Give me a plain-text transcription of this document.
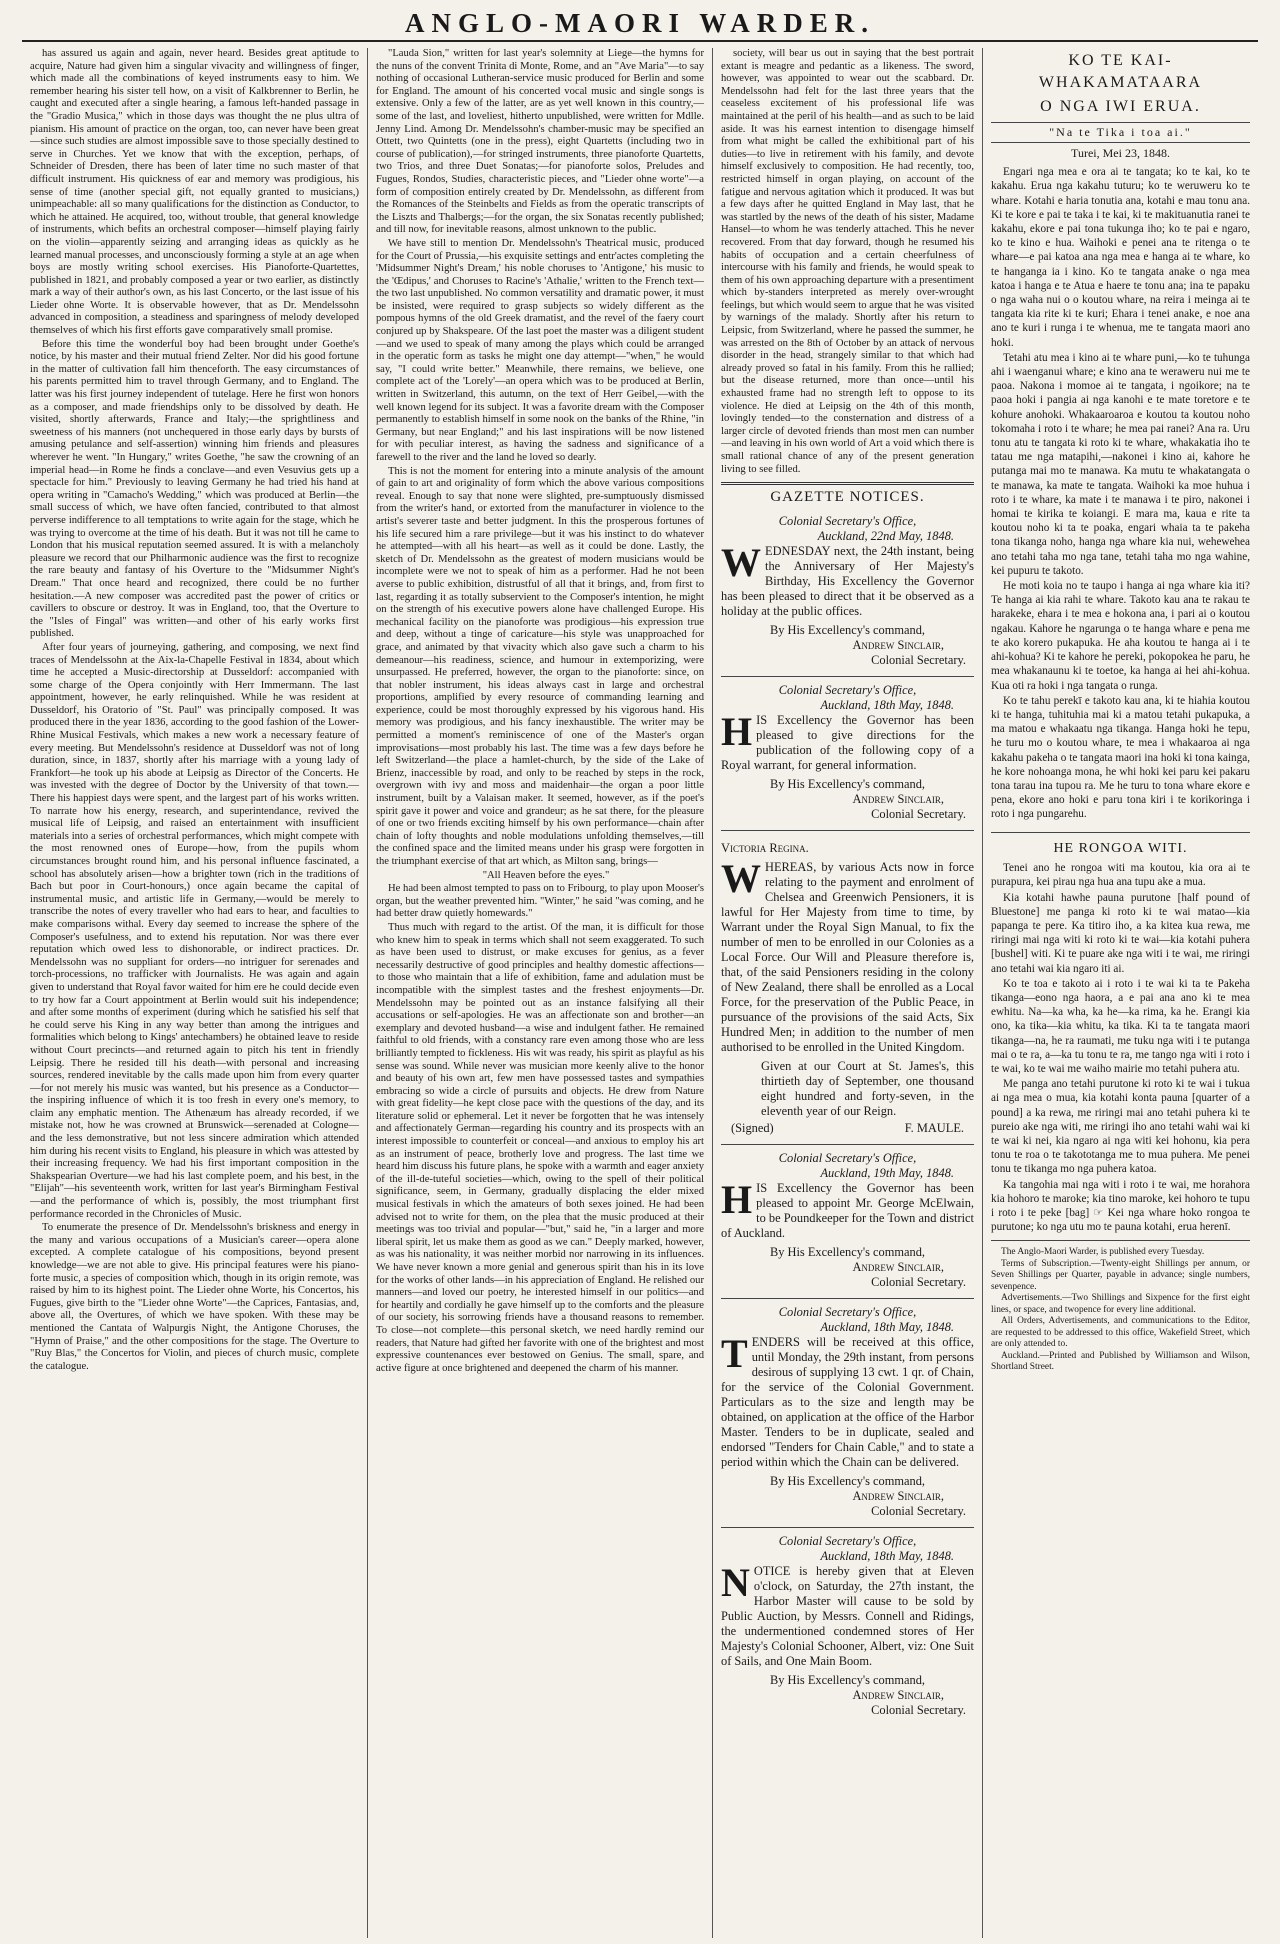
ANGLO-MAORI WARDER.

has assured us again and again, never heard. Besides great aptitude to acquire, Nature had given him a singular vivacity and willingness of finger, which made all the combinations of keyed instruments easy to him. We remember hearing his sister tell how, on a visit of Kalkbrenner to Berlin, he caught and executed after a single hearing, a famous left-handed passage in the "Gradio Musica," which in those days was thought the ne plus ultra of pianism. His amount of practice on the organ, too, can never have been great—since such studies are almost impossible save to those specially destined to serve in Churches. Yet we know that with the exception, perhaps, of Schneider of Dresden, there has been of later time no such master of that difficult instrument. His quickness of ear and memory was prodigious, his sense of time (another special gift, not equally granted to musicians,) unimpeachable: all so many qualifications for the distinction as Conductor, to which he attained. He acquired, too, without trouble, that general knowledge of instruments, which befits an orchestral composer—himself playing fairly on the violin—apparently seizing and arranging ideas as quickly as he learned manual processes, and unconsciously forming a style at an age when boys are mostly writing school exercises. His Pianoforte-Quartettes, published in 1821, and probably composed a year or two earlier, as distinctly mark a way of their author's own, as his last Concerto, or the last issue of his Lieder ohne Worte. It is observable however, that as Dr. Mendelssohn advanced in composition, a steadiness and sparingness of melody developed themselves of which his first efforts gave comparatively small promise.

Before this time the wonderful boy had been brought under Goethe's notice, by his master and their mutual friend Zelter. Nor did his good fortune in the matter of cultivation fall him thenceforth. The easy circumstances of his parents permitted him to travel through Germany, and to England. The latter was his first journey independent of tutelage. Here he first won honors as a composer, and made friendships only to be dissolved by death. He visited, shortly afterwards, France and Italy;—the sprightliness and sweetness of his manners (not unchequered in those early days by bursts of amusing petulance and self-assertion) winning him friends and pleasures wherever he went. "In Hungary," writes Goethe, "he saw the crowning of an imperial head—in Rome he finds a conclave—and even Vesuvius gets up a spectacle for him." Previously to leaving Germany he had tried his hand at opera writing in "Camacho's Wedding," which was produced at Berlin—the small success of which, we have often fancied, contributed to that almost perverse indifference to all temptations to write again for the stage, which he was trying to overcome at the time of his death. But it was not till he came to London that his musical reputation seemed assured. It is with a melancholy pleasure we record that our Philharmonic audience was the first to recognize the rare beauty and fantasy of his Overture to the "Midsummer Night's Dream." That once heard and recognized, there could be no further hesitation.—A new composer was accredited past the power of critics or cavillers to obscure or destroy. It was in England, too, that the Overture to the "Isles of Fingal" was written—and other of his early works first published.

After four years of journeying, gathering, and composing, we next find traces of Mendelssohn at the Aix-la-Chapelle Festival in 1834, about which time he accepted a Music-directorship at Dusseldorf: accompanied with some charge of the Opera conjointly with Herr Immermann. The last appointment, however, he early relinquished. While he was resident at Dusseldorf, his Oratorio of "St. Paul" was principally composed. It was produced there in the year 1836, according to the good fashion of the Lower-Rhine Musical Festivals, which makes a new work a necessary feature of every meeting. But Mendelssohn's residence at Dusseldorf was not of long duration, since, in 1837, shortly after his marriage with a young lady of Frankfort—he took up his abode at Leipsig as Director of the Concerts. He was invested with the degree of Doctor by the University of that town.—There his happiest days were spent, and the largest part of his works written. To narrate how his energy, research, and superintendance, revived the musical life of Leipsig, and raised an entertainment with insufficient materials into a series of orchestral performances, which might compete with the most renowned ones of Europe—how, from the pupils whom circumstances brought round him, and his personal influence fascinated, a school has absolutely arisen—how a brighter town (rich in the traditions of Bach but poor in Court-honours,) once again became the capital of instrumental music, and artistic life in Germany,—would be merely to transcribe the notes of every traveller who had ears to hear, and faculties to make comparisons withal. Every day seemed to increase the sphere of the Composer's usefulness, and to extend his reputation. Nor was there ever reputation which owed less to dishonorable, or indirect practices. Dr. Mendelssohn was no suppliant for orders—no intriguer for serenades and torch-processions, no trafficker with Journalists. He was again and again given to understand that Royal favor waited for him ere he could decide even to try how far a Court appointment at Berlin would suit his independence; and after some months of experiment (during which he satisfied his self that he could serve his King in any way better than among the intrigues and formalities which belong to Kings' antechambers) he obtained leave to reside without Court precincts—and returned again to pitch his tent in friendly Leipsig. There he resided till his death—with personal and increasing sources, rendered inevitable by the calls made upon him from every quarter—for not merely his music was wanted, but his presence as a Conductor—the inspiring influence of which it is too fresh in every one's memory, to claim any emphatic mention. The Athenæum has already recorded, if we mistake not, how he was crowned at Brunswick—serenaded at Cologne—and the less demonstrative, but not less sincere admiration which attended him during his recent visits to England, his pleasure in which was attested by their increasing frequency. We had his first important composition in the Shakspearian Overture—we had his last complete poem, and his best, in the "Elijah"—his seventeenth work, written for last year's Birmingham Festival—and the performance of which is, possibly, the most triumphant first performance recorded in the Chronicles of Music.

To enumerate the presence of Dr. Mendelssohn's briskness and energy in the many and various occupations of a Musician's career—opera alone excepted. A complete catalogue of his compositions, beyond present knowledge—we are not able to give. His principal features were his piano-forte music, a species of composition which, though in its origin remote, was raised by him to its highest point. The Lieder ohne Worte, his Concertos, his Fugues, give birth to the "Lieder ohne Worte"—the Caprices, Fantasias, and, above all, the Overtures, of which we have spoken. With these may be mentioned the Cantata of Walpurgis Night, the Antigone Choruses, the "Hymn of Praise," and the other compositions for the stage. The Overture to "Ruy Blas," the Concertos for Violin, and pieces of church music, complete the catalogue.

"Lauda Sion," written for last year's solemnity at Liege—the hymns for the nuns of the convent Trinita di Monte, Rome, and an "Ave Maria"—to say nothing of occasional Lutheran-service music produced for Berlin and some for England. The amount of his concerted vocal music and single songs is extensive. Only a few of the latter, are as yet well known in this country,—some of the last, and loveliest, hitherto unpublished, were written for Mdlle. Jenny Lind. Among Dr. Mendelssohn's chamber-music may be specified an Ottett, two Quintetts (one in the press), eight Quartetts (including two in course of publication),—for stringed instruments, three pianoforte Quartetts, two Trios, and three Duet Sonatas;—for pianoforte solos, Preludes and Fugues, Rondos, Studies, characteristic pieces, and "Lieder ohne worte"—a form of composition entirely created by Dr. Mendelssohn, as different from the Romances of the Steinbelts and Fields as from the operatic transcripts of the Liszts and Thalbergs;—for the organ, the six Sonatas recently published; and till now, for inevitable reasons, almost unknown to the public.

We have still to mention Dr. Mendelssohn's Theatrical music, produced for the Court of Prussia,—his exquisite settings and entr'actes completing the 'Midsummer Night's Dream,' his noble choruses to 'Antigone,' his music to the 'Œdipus,' and Choruses to Racine's 'Athalie,' written to the French text—the two last unpublished. No common versatility and dramatic power, it must be insisted, were required to grasp subjects so widely different as the pompous hymns of the old Greek dramatist, and the revel of the faery court conjured up by Shakspeare. Of the last poet the master was a diligent student—and we used to speak of many among the plays which could be arranged in the operatic form as tasks he might one day attempt—"when," he would say, "I could write better." Meanwhile, there remains, we believe, one complete act of the 'Lorely'—an opera which was to be produced at Berlin, written in Switzerland, this autumn, on the text of Herr Geibel,—with the well known legend for its subject. It was a favorite dream with the Composer permanently to establish himself in some nook on the banks of the Rhine, "in Germany, but near England;" and his last inspirations will be now listened for with peculiar interest, as having the sadness and significance of a farewell to the river and the land he loved so dearly.

This is not the moment for entering into a minute analysis of the amount of gain to art and originality of form which the above various compositions reveal. Enough to say that none were slighted, pre-sumptuously dismissed from the writer's hand, or extorted from the manufacturer in violence to the artist's severer taste and better judgment. In this the prosperous fortunes of his life secured him a rare privilege—but it was his instinct to do whatever he attempted—with all his heart—as well as it could be done. Lastly, the sketch of Dr. Mendelssohn as the greatest of modern musicians would be incomplete were we not to speak of him as a performer. Had he not been averse to public exhibition, distrustful of all that it brings, and, from first to last, regarding it as totally subservient to the Composer's intention, he might on the strength of his executive powers alone have challenged Europe. His mechanical facility on the pianoforte was prodigious—his expression true and deep, without a tinge of caricature—his style was unapproached for grace, and animated by that vivacity which also gave such a charm to his demeanour—his readiness, science, and humour in extemporizing, were unsurpassed. He preferred, however, the organ to the pianoforte: since, on that nobler instrument, his ideas always cast in large and orchestral proportions, amplified by every resource of commanding learning and experience, could be most thoroughly expressed by his vigorous hand. His memory was prodigious, and his fancy inexhaustible. The writer may be permitted a moment's reminiscence of one of the Master's organ improvisations—most probably his last. The time was a few days before he left Switzerland—the place a hamlet-church, by the side of the Lake of Brienz, inaccessible by road, and only to be reached by steps in the rock, overgrown with ivy and moss and maidenhair—the organ a poor little instrument, built by a Valaisan maker. It seemed, however, as if the poet's spirit gave it power and voice and grandeur; as he sat there, for the pleasure of one or two friends exciting himself by his own performance—chain after chain of lofty thoughts and noble modulations unfolding themselves,—till the confined space and the limited means under his grasp were forgotten in the triumphant exercise of that art which, as Milton sang, brings—

"All Heaven before the eyes."

He had been almost tempted to pass on to Fribourg, to play upon Mooser's organ, but the weather prevented him. "Winter," he said "was coming, and he had better draw quietly homewards."

Thus much with regard to the artist. Of the man, it is difficult for those who knew him to speak in terms which shall not seem exaggerated. To such as have been used to distrust, or make excuses for genius, as a fever necessarily destructive of good principles and healthy domestic affections—to those who maintain that a life of exhibition, fame and adulation must be incompatible with the simplest tastes and the freshest enjoyments—Dr. Mendelssohn may be pointed out as an instance falsifying all their accusations or self-apologies. He was an affectionate son and brother—an exemplary and devoted husband—a wise and indulgent father. He remained faithful to old friends, with a constancy rare even among those who are less brilliantly tempted to fickleness. His wit was ready, his spirit as playful as his sense was sound. While never was musician more keenly alive to the honor and beauty of his own art, few men have possessed tastes and sympathies embracing so wide a circle of pursuits and objects. He drew from Nature with great fidelity—he kept close pace with the questions of the day, and its literature solid or ephemeral. Let it never be forgotten that he was intensely and affectionately German—regarding his country and its prospects with an interest impossible to counterfeit or conceal—and anxious to employ his art as an instrument of peace, brotherly love and progress. The last time we heard him discuss his future plans, he spoke with a warmth and eager anxiety of the ill-de-tuteful societies—which, owing to the spell of their political significance, seem, in Germany, gradually displacing the elder mixed musical festivals in which the amateurs of both sexes joined. He had been advised not to write for them, on the plea that the music produced at their meetings was too trivial and popular—"but," said he, "in a larger and more liberal spirit, let us make them as good as we can." Deeply marked, however, as was his nationality, it was neither morbid nor narrowing in its influences. We have never known a more genial and generous spirit than his in its love for the works of other lands—in his appreciation of England. He relished our manners—and loved our poetry, he interested himself in our politics—and for heartily and cordially he gave himself up to the comforts and the pleasure of our society, his sorrowing friends have a thousand reasons to remember. To close—not complete—this personal sketch, we need hardly remind our readers, that Nature had gifted her favorite with one of the brightest and most expressive countenances ever bestowed on Genius. The small, spare, and active figure at once brightened and deepened the charm of his manner.

society, will bear us out in saying that the best portrait extant is meagre and pedantic as a likeness. The sword, however, was appointed to wear out the scabbard. Dr. Mendelssohn had felt for the last three years that the ceaseless excitement of his professional life was maintained at the peril of his health—and as such to be laid aside. It was his earnest intention to disengage himself from what might be called the exhibitional part of his duties—to live in retirement with his family, and devote himself exclusively to composition. He had recently, too, restricted himself in organ playing, on account of the fatigue and nervous agitation which it produced. It was but a few days after he quitted England in May last, that he was startled by the news of the death of his sister, Madame Hansel—to whom he was tenderly attached. This he never recovered. From that day forward, though he resumed his habits of occupation and a certain cheerfulness of intercourse with his family and friends, he would speak to them of his own approaching departure with a presentiment which by-standers interpreted as merely over-wrought feelings, but which would seem to argue that he was visited by warnings of the malady. Shortly after his return to Leipsic, from Switzerland, where he passed the summer, he was arrested on the 8th of October by an attack of nervous disorder in the head, strangely similar to that which had already proved so fatal in his family. From this he rallied; but the disease returned, more than once—until his exhausted frame had no strength left to oppose to its violence. He died at Leipsig on the 4th of this month, lovingly tended—to the consternation and distress of a larger circle of devoted friends than most men can number—and leaving in his own world of Art a void which there is small rational chance of any of the present generation living to see filled.

GAZETTE NOTICES.
Colonial Secretary's Office,
Auckland, 22nd May, 1848.
W EDNESDAY next, the 24th instant, being the Anniversary of Her Majesty's Birthday, His Excellency the Governor has been pleased to direct that it be observed as a holiday at the public offices.
By His Excellency's command,
Andrew Sinclair,
Colonial Secretary.
Colonial Secretary's Office,
Auckland, 18th May, 1848.
H IS Excellency the Governor has been pleased to give directions for the publication of the following copy of a Royal warrant, for general information.
By His Excellency's command,
Andrew Sinclair,
Colonial Secretary.
Victoria Regina.
W HEREAS, by various Acts now in force relating to the payment and enrolment of Chelsea and Greenwich Pensioners, it is lawful for Her Majesty from time to time, by Warrant under the Royal Sign Manual, to fix the number of men to be enrolled in our Colonies as a Local Force. Our Will and Pleasure therefore is, that, of the said Pensioners residing in the colony of New Zealand, there shall be enrolled as a Local Force, for the preservation of the Public Peace, in pursuance of the provisions of the said Acts, Six Hundred Men; in addition to the number of men authorised to be enrolled in the United Kingdom.
Given at our Court at St. James's, this thirtieth day of September, one thousand eight hundred and forty-seven, in the eleventh year of our Reign.
(Signed)	F. MAULE.
Colonial Secretary's Office,
Auckland, 19th May, 1848.
H IS Excellency the Governor has been pleased to appoint Mr. George McElwain, to be Poundkeeper for the Town and district of Auckland.
By His Excellency's command,
Andrew Sinclair,
Colonial Secretary.
Colonial Secretary's Office,
Auckland, 18th May, 1848.
T ENDERS will be received at this office, until Monday, the 29th instant, from persons desirous of supplying 13 cwt. 1 qr. of Chain, for the service of the Colonial Government. Particulars as to the size and length may be obtained, on application at the office of the Harbor Master. Tenders to be in duplicate, sealed and endorsed "Tenders for Chain Cable," and to state a period within which the Chain can be delivered.
By His Excellency's command,
Andrew Sinclair,
Colonial Secretary.
Colonial Secretary's Office,
Auckland, 18th May, 1848.
N OTICE is hereby given that at Eleven o'clock, on Saturday, the 27th instant, the Harbor Master will cause to be sold by Public Auction, by Messrs. Connell and Ridings, the undermentioned condemned stores of Her Majesty's Colonial Schooner, Albert, viz: One Suit of Sails, and One Main Boom.
By His Excellency's command,
Andrew Sinclair,
Colonial Secretary.
KO TE KAI-WHAKAMATAARA
O NGA IWI ERUA.
"Na te Tika i toa ai."
Turei, Mei 23, 1848.

Engari nga mea e ora ai te tangata; ko te kai, ko te kakahu. Erua nga kakahu tuturu; ko te weruweru ko te whare. Kotahi e haria tonutia ana, kotahi e mau tonu ana. Ki te kore e pai te taka i te kai, ki te makituanutia ranei te kakahu, ekore e pai tona tukunga iho; ko te pai e ngaro, ko te kino e hua. Waihoki e penei ana te ritenga o te whare—e pai katoa ana nga mea e hanga ai te whare, ko te hanganga ia i kino. Ko te tangata anake o nga mea katoa i hanga e te Atua e haere te tonu ana; ina te papaku o nga waha nui o o koutou whare, na reira i meinga ai te tangata kia rite ki te kuri; Ehara i tenei anake, e noe ana ano te kuri i runga i te whenua, me te tangata maori ano hoki.

Tetahi atu mea i kino ai te whare puni,—ko te tuhunga ahi i waenganui whare; e kino ana te weraweru nui me te paoa. Nakona i momoe ai te tangata, i ngoikore; na te paoa hoki i pangia ai nga kanohi e te mate toretore e te kohure anohoki. Whakaaroaroa e koutou ta koutou noho tokomaha i roto i te whare; he mea pai ranei? Ana ra. Uru tonu atu te tangata ki roto ki te whare, whakakatia iho te tatau me nga matapihi,—nakonei i kino ai, kahore he putanga mai mo te manawa. Ka mutu te whakatangata o te manawa, ka mate te tangata. Waihoki ka moe huhua i roto i te whare, ka mate i te manawa i te piro, nakonei i homai te kirika te koiangi. E mara ma, kaua e rite ta koutou noho ki ta te poaka, engari whaia ta te pakeha tona tikanga noho, hanga nga whare kia nui, wehewehea ano tetahi taha mo nga tane, tetahi taha mo nga wahine, kei pupuru te takoto.

He moti koia no te taupo i hanga ai nga whare kia iti? Te hanga ai kia rahi te whare. Takoto kau ana te rakau te harakeke, ehara i te mea e hokona ana, i pari ai o koutou ngakau. Kahore he ngarunga o te hanga whare e pena me te ako korero pukapuka. He aha koutou te hanga ai i te ahi-kohua? Ki te kahore he pereki, pokopokea he paru, he mea whakanaunu ki te toetoe, ka hanga ai hei ahi-kohua. Kua oti ra hoki i nga tangata o runga.

Ko te tahu perekī e takoto kau ana, ki te hiahia koutou ki te hanga, tuhituhia mai ki a matou tetahi pukapuka, a ma matou e whakaatu nga tikanga. Hanga hoki he tepu, he turu mo o koutou whare, te mea i whakaaroa ai nga kakahu pakeha o te tangata maori ina hoki ki tona kainga, he kore nohoanga mona, he whi hoki kei paru kei pakaru tona tarau ina tupou ra. Me he turu to tona whare ekore e pena, ekore ano hoki e paru tona kiri i te korikoringa i roto i nga pungarehu.

HE RONGOA WITI.

Tenei ano he rongoa witi ma koutou, kia ora ai te purapura, kei pirau nga hua ana tupu ake a mua.

Kia kotahi hawhe pauna purutone [half pound of Bluestone] me panga ki roto ki te wai matao—kia papanga te pere. Ka titiro iho, a ka kitea kua rewa, me riringi mai nga witi ki roto ki te wai—kia kotahi puhera [bushel] witi. Ki te puare ake nga witi i te wai, me riringi ano tetahi wai kia ngaro iti ai.

Ko te toa e takoto ai i roto i te wai ki ta te Pakeha tikanga—eono nga haora, a e pai ana ano ki te mea ewhitu. Na—ka wha, ka he—ka rima, ka he. Erangi kia ono, ka tika—kia whitu, ka tika. Ki ta te tangata maori tikanga—na, he ra raumati, me tuku nga witi i te putanga mai o te ra, a—ka tu tonu te ra, me tango nga witi i roto i te wai, ko te wai me waiho mairie mo tetahi puhera atu.

Me panga ano tetahi purutone ki roto ki te wai i tukua ai nga mea o mua, kia kotahi konta pauna [quarter of a pound] a ka rewa, me riringi mai ano tetahi puhera ki te pureio ake nga witi, me riringi iho ano tetahi wahi wai ki te wai ki nei, kia ngaro ai nga witi kei hohonu, kia pera tonu te roa o te takototanga me to mua puhera. Me penei tonu te tikanga mo nga puhera katoa.

Ka tangohia mai nga witi i roto i te wai, me horahora kia hohoro te maroke; kia tino maroke, kei hohoro te tupu i roto i te peke [bag] ☞ Kei nga whare hoko rongoa te purutone; ko nga utu mo te pauna kotahi, erua herenī.

The Anglo-Maori Warder, is published every Tuesday.
Terms of Subscription.—Twenty-eight Shillings per annum, or Seven Shillings per Quarter, payable in advance; single numbers, sevenpence.
Advertisements.—Two Shillings and Sixpence for the first eight lines, or space, and twopence for every line additional.
All Orders, Advertisements, and communications to the Editor, are requested to be addressed to this office, Wakefield Street, which are only attended to.
Auckland.—Printed and Published by Williamson and Wilson, Shortland Street.
